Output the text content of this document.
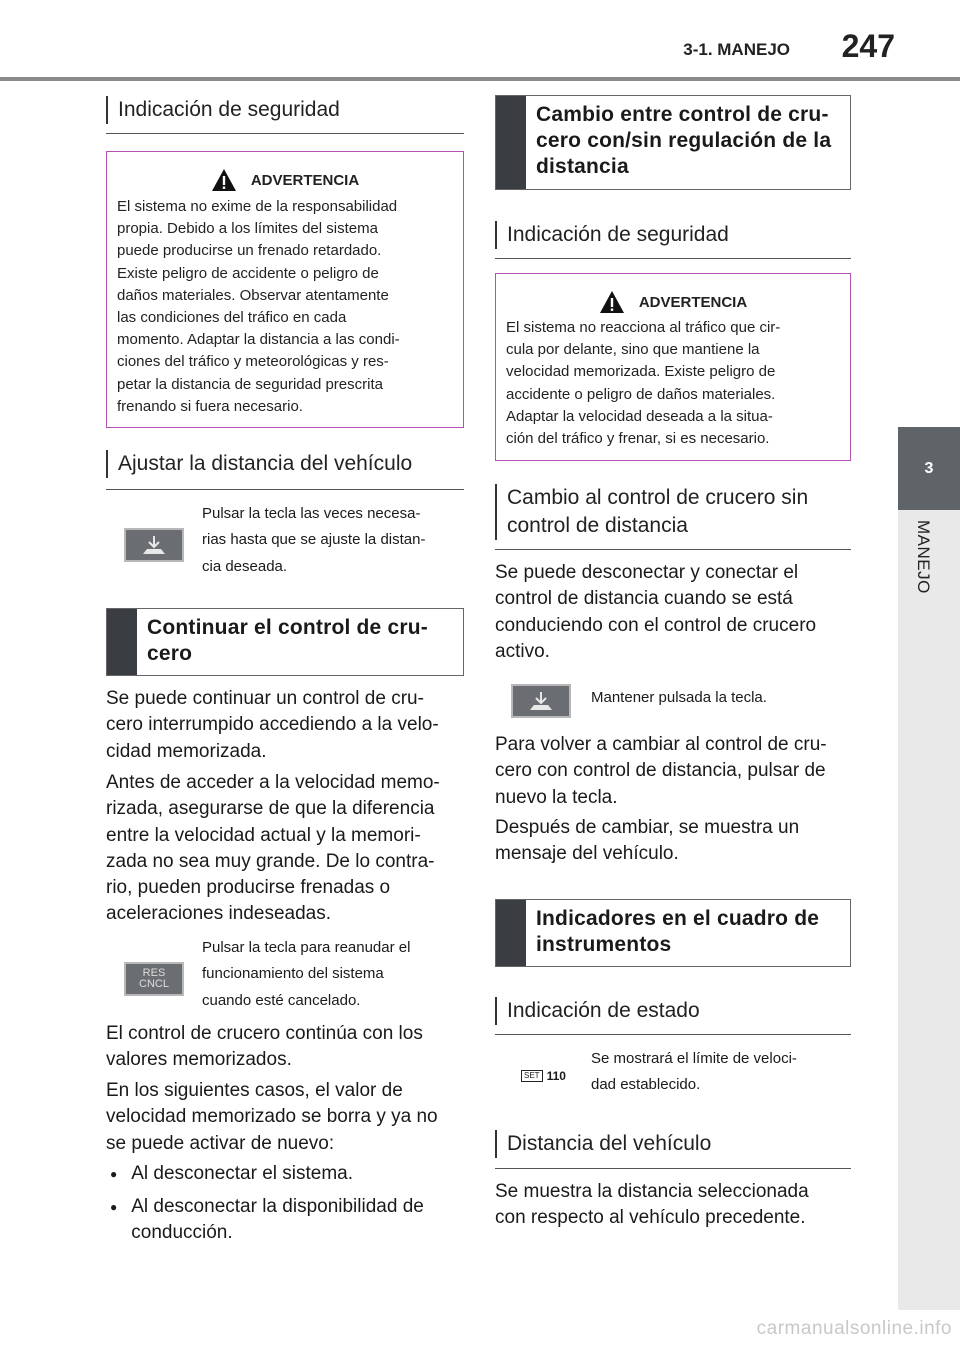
3-1. MANEJO	247
3
MANEJO
Indicación de seguridad
ADVERTENCIA
El sistema no exime de la responsabilidad
propia. Debido a los límites del sistema
puede producirse un frenado retardado.
Existe peligro de accidente o peligro de
daños materiales. Observar atentamente
las condiciones del tráfico en cada
momento. Adaptar la distancia a las condi-
ciones del tráfico y meteorológicas y res-
petar la distancia de seguridad prescrita
frenando si fuera necesario.
Ajustar la distancia del vehículo
Pulsar la tecla las veces necesa-
rias hasta que se ajuste la distan-
cia deseada.
Continuar el control de cru-
cero
Se puede continuar un control de cru-
cero interrumpido accediendo a la velo-
cidad memorizada.
Antes de acceder a la velocidad memo-
rizada, asegurarse de que la diferencia
entre la velocidad actual y la memori-
zada no sea muy grande. De lo contra-
rio, pueden producirse frenadas o
aceleraciones indeseadas.
RES
CNCL
Pulsar la tecla para reanudar el
funcionamiento del sistema
cuando esté cancelado.
El control de crucero continúa con los
valores memorizados.
En los siguientes casos, el valor de
velocidad memorizado se borra y ya no
se puede activar de nuevo:
● Al desconectar el sistema.
● Al desconectar la disponibilidad de
conducción.
Cambio entre control de cru-
cero con/sin regulación de la
distancia
Indicación de seguridad
ADVERTENCIA
El sistema no reacciona al tráfico que cir-
cula por delante, sino que mantiene la
velocidad memorizada. Existe peligro de
accidente o peligro de daños materiales.
Adaptar la velocidad deseada a la situa-
ción del tráfico y frenar, si es necesario.
Cambio al control de crucero sin
control de distancia
Se puede desconectar y conectar el
control de distancia cuando se está
conduciendo con el control de crucero
activo.
Mantener pulsada la tecla.
Para volver a cambiar al control de cru-
cero con control de distancia, pulsar de
nuevo la tecla.
Después de cambiar, se muestra un
mensaje del vehículo.
Indicadores en el cuadro de
instrumentos
Indicación de estado
SET 110
Se mostrará el límite de veloci-
dad establecido.
Distancia del vehículo
Se muestra la distancia seleccionada
con respecto al vehículo precedente.
carmanualsonline.info
